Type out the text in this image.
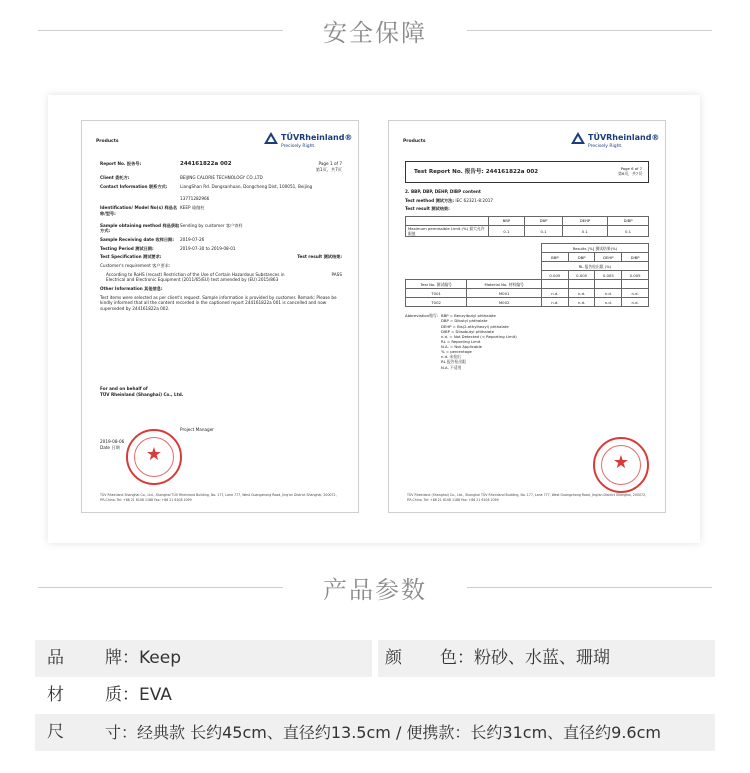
安全保障
Products	TÜVRheinland®
Precisely Right.
Report No. 报告号:	244161822a 002	Page 1 of 7
第1页，共7页
Client 委托方:	BEIJING CALORIE TECHNOLOGY CO.,LTD
Contact Information 联系方式:	LiangShan Rd. Dongsanhuan, Dongcheng Dist, 100051, Beijing
13771282966
Identification/ Model No(s) 样品名称/型号:
KEEP 瑜伽柱
Sample obtaining method 样品获取方式:
Sending by customer 客户寄样
Sample Receiving date 收样日期:	2019-07-26
Testing Period 测试日期:	2019-07-30 to 2019-08-01
Test Specification 测试要求:	Test result 测试结果:
Customer's requirement 客户要求:
According to RoHS (recast) Restriction of the Use of Certain Hazardous Substances in Electrical and Electronic Equipment (2011/65/EU) test amended by (EU) 2015/863
PASS
Other Information 其他信息:
Test items were selected as per client's request. Sample information is provided by customer. Remark: Please be kindly informed that all the content recorded in the captioned report 244161822a 001 is cancelled and now superseded by 244161822a 002.
For and on behalf of
TÜV Rheinland (Shanghai) Co., Ltd.
Project Manager
2019-08-06
Date 日期	★
TÜV Rheinland Shanghai Co., Ltd., Shanghai TÜV Rheinland Building, No. 177, Lane 777, West Guangzhong Road, Jing'an District Shanghai, 200072, P.R.China. Tel: +86 21 6108 1188 Fax: +86 21 6108 1099
Products	TÜVRheinland®
Precisely Right.
Test Report No. 报告号: 244161822a 002
Page 6 of 7
第6页，共7页
2. BBP, DBP, DEHP, DIBP content
Test method 测试方法: IEC 62321-8:2017
Test result 测试结果:
	BBP	DBP	DEHP	DIBP
Maximum permissible Limit (%) 最大允许限值	0.1	0.1	0.1	0.1
		Results [%] 测试结果(%)			
		BBP	DBP	DEHP	DIBP
		RL 报告检出限 (%)			
		0.005	0.005	0.005	0.005
Test No. 测试编号	Material No. 材料编号				
T001	M001	n.d.	n.d.	n.d.	n.d.
T002	M002	n.d.	n.d.	n.d.	n.d.
Abbreviation缩写: BBP = Benzylbutyl phthalate
DBP = Dibutyl phthalate
DEHP = Bis(2-ethylhexyl) phthalate
DIBP = Diisobutyl phthalate
n.d. = Not Detected (< Reporting Limit)
RL = Reporting Limit
N.A. = Not Applicable
% = percentage
n.d. 未检出
RL 报告检出限
N.A. 不适用
★
TÜV Rheinland (Shanghai) Co., Ltd., Shanghai TÜV Rheinland Building, No. 177, Lane 777, West Guangzhong Road, Jing'an District Shanghai, 200072, P.R.China. Tel: +86 21 6108 1188 Fax: +86 21 6108 1099
产品参数
品	牌：Keep	颜 色：粉砂、水蓝、珊瑚
材	质：EVA
尺	寸：经典款 长约45cm、直径约13.5cm / 便携款：长约31cm、直径约9.6cm
